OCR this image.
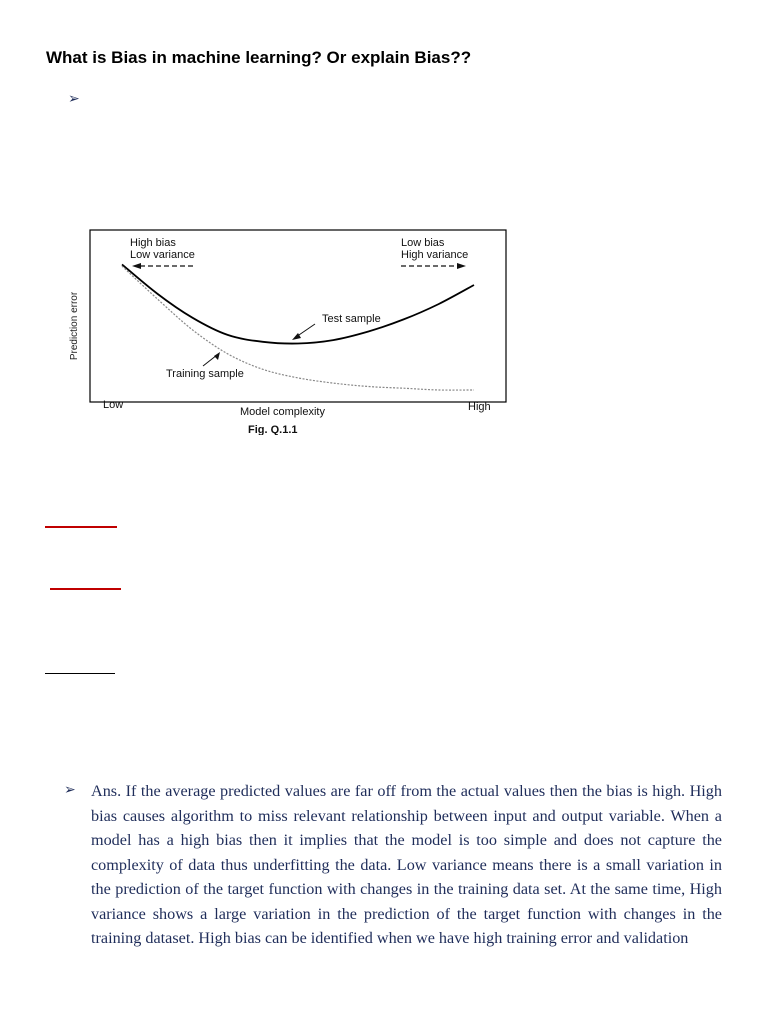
What is Bias in machine learning? Or explain Bias??
➢
Prediction error
High bias
Low variance
Low bias
High variance
Test sample
Training sample
Low	High
Model complexity
Fig. Q.1.1
➢ Ans. If the average predicted values are far off from the actual values then the bias is high. High bias causes algorithm to miss relevant relationship between input and output variable. When a model has a high bias then it implies that the model is too simple and does not capture the complexity of data thus underfitting the data. Low variance means there is a small variation in the prediction of the target function with changes in the training data set. At the same time, High variance shows a large variation in the prediction of the target function with changes in the training dataset. High bias can be identified when we have high training error and validation
